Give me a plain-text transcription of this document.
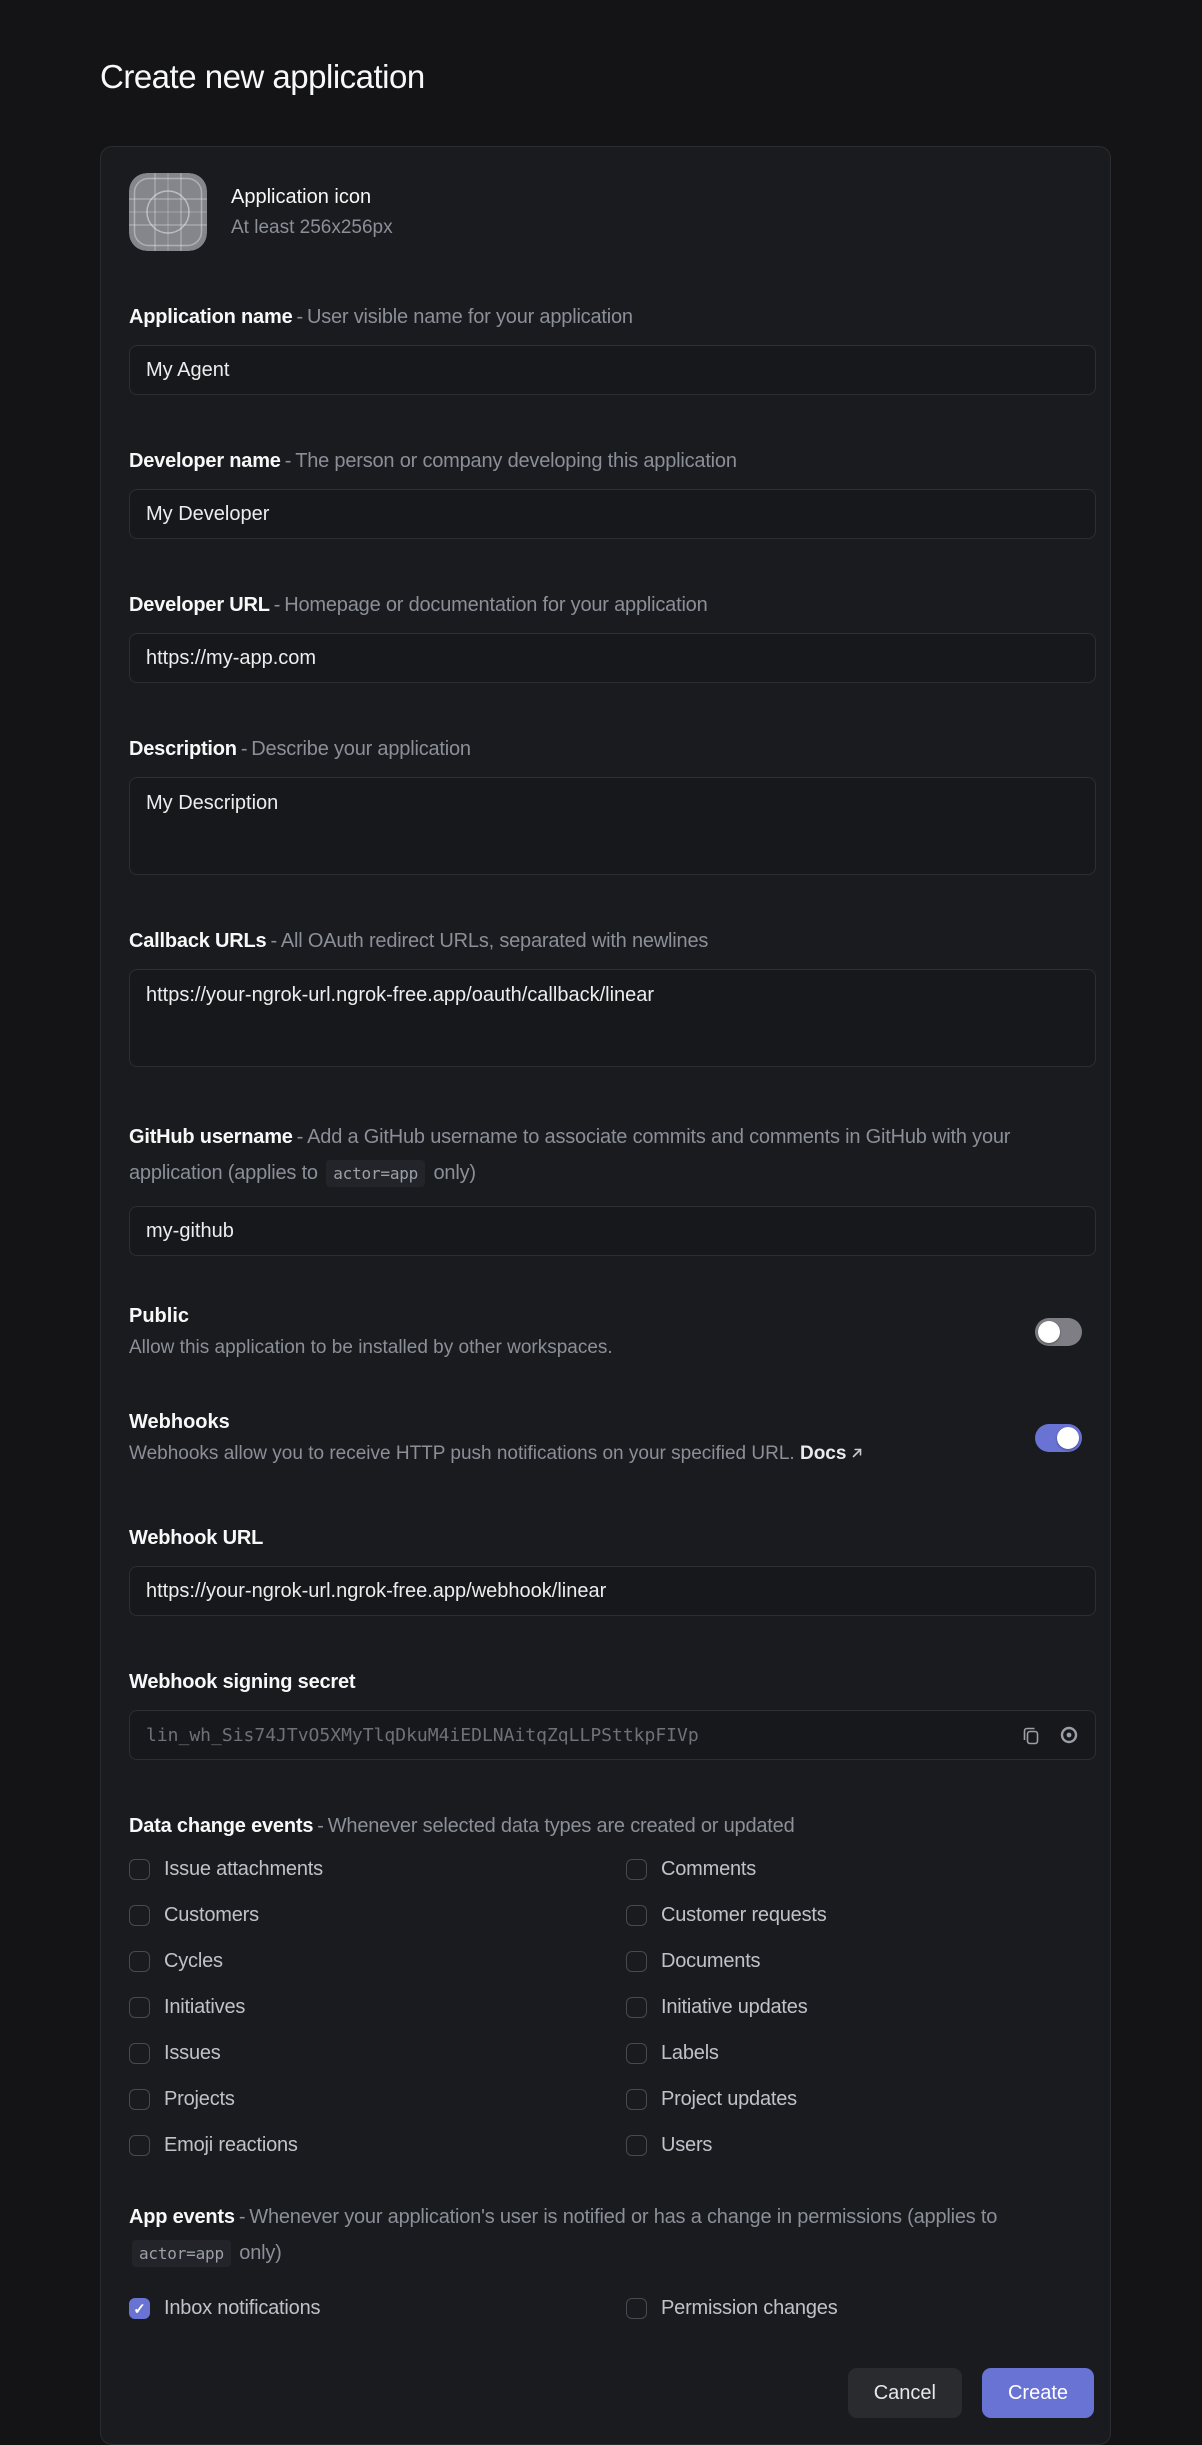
Create new application
Application icon
At least 256x256px
Application name - User visible name for your application
My Agent
Developer name - The person or company developing this application
My Developer
Developer URL - Homepage or documentation for your application
https://my-app.com
Description - Describe your application
My Description
Callback URLs - All OAuth redirect URLs, separated with newlines
https://your-ngrok-url.ngrok-free.app/oauth/callback/linear
GitHub username - Add a GitHub username to associate commits and comments in GitHub with your application (applies to actor=app only)
my-github
Public
Allow this application to be installed by other workspaces.
Webhooks
Webhooks allow you to receive HTTP push notifications on your specified URL. Docs
Webhook URL
https://your-ngrok-url.ngrok-free.app/webhook/linear
Webhook signing secret
lin_wh_Sis74JTvO5XMyTlqDkuM4iEDLNAitqZqLLPSttkpFIVp
Data change events - Whenever selected data types are created or updated
Issue attachments	Comments
Customers	Customer requests
Cycles	Documents
Initiatives	Initiative updates
Issues	Labels
Projects	Project updates
Emoji reactions	Users
App events - Whenever your application's user is notified or has a change in permissions (applies to actor=app only)
✓
Inbox notifications	Permission changes
Cancel	Create
